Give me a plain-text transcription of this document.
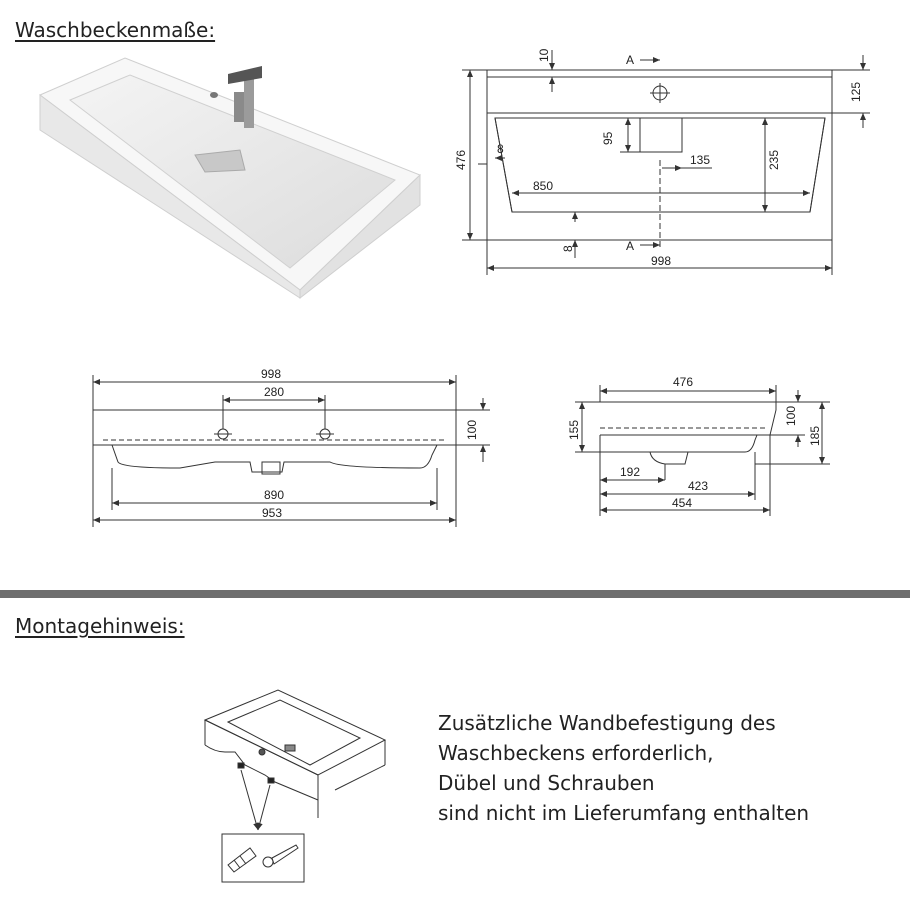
Waschbeckenmaße:
Montagehinweis:
10	A
125
476
8
95
135	235
850
8	A
998
998
280
100
890
953
476
155
100
185
192
423
454
Zusätzliche Wandbefestigung des
Waschbeckens erforderlich,
Dübel und Schrauben
sind nicht im Lieferumfang enthalten
